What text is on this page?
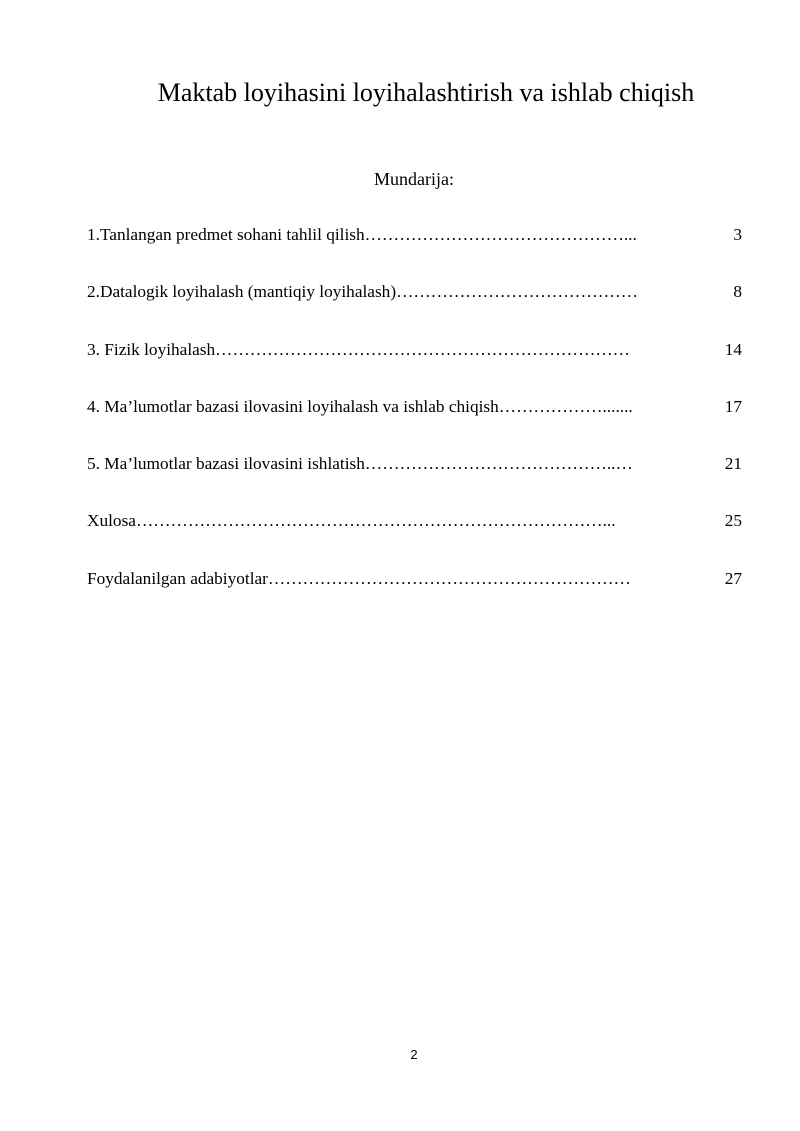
Maktab loyihasini loyihalashtirish va ishlab chiqish
Mundarija:
1.Tanlangan predmet sohani tahlil qilish ………………………………………...	3
2.Datalogik loyihalash (mantiqiy loyihalash) ……………………………………	8
3. Fizik loyihalash ………………………………………………………………	14
4. Ma’lumotlar bazasi ilovasini loyihalash va ishlab chiqish ……………….......	17
5. Ma’lumotlar bazasi ilovasini ishlatish ……………………………………..…	21
Xulosa ………………………………………………………………………...	25
Foydalanilgan adabiyotlar ………………………………………………………	27
2
